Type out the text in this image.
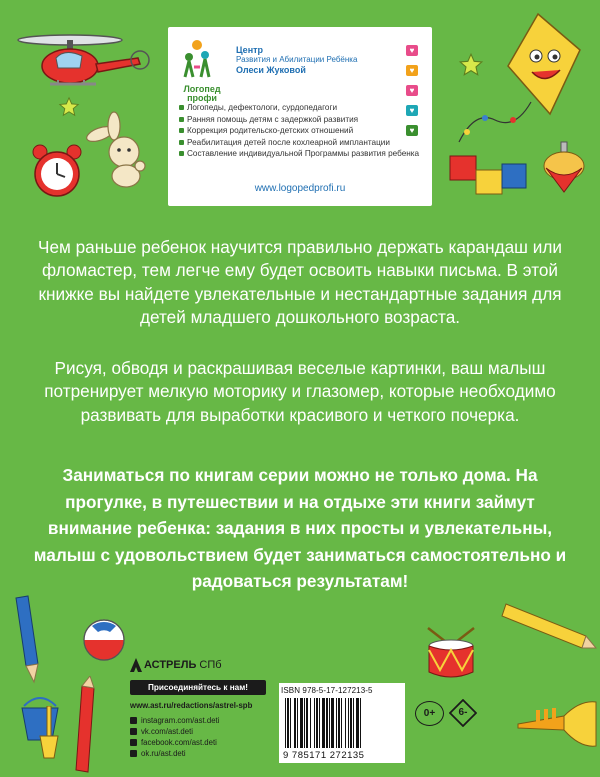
Логопед
профи
Центр
Развития и Абилитации Ребёнка
Олеси Жуковой
♥
♥
♥
♥
♥
Логопеды, дефектологи, сурдопедагоги
Ранняя помощь детям с задержкой развития
Коррекция родительско-детских отношений
Реабилитация детей после кохлеарной имплантации
Составление индивидуальной Программы развития ребенка
www.logopedprofi.ru
Чем раньше ребенок научится правильно держать карандаш или фломастер, тем легче ему будет освоить навыки письма. В этой книжке вы найдете увлекательные и нестандартные задания для детей младшего дошкольного возраста.
Рисуя, обводя и раскрашивая веселые картинки, ваш малыш потренирует мелкую моторику и глазомер, которые необходимо развивать для выработки красивого и четкого почерка.
Заниматься по книгам серии можно не только дома. На прогулке, в путешествии и на отдыхе эти книги займут внимание ребенка: задания в них просты и увлекательны, малыш с удовольствием будет заниматься самостоятельно и радоваться результатам!
АСТРЕЛЬ СПб
Присоединяйтесь к нам!
www.ast.ru/redactions/astrel-spb
instagram.com/ast.deti
vk.com/ast.deti
facebook.com/ast.deti
ok.ru/ast.deti
ISBN 978-5-17-127213-5
9 785171 272135
0+	6-
